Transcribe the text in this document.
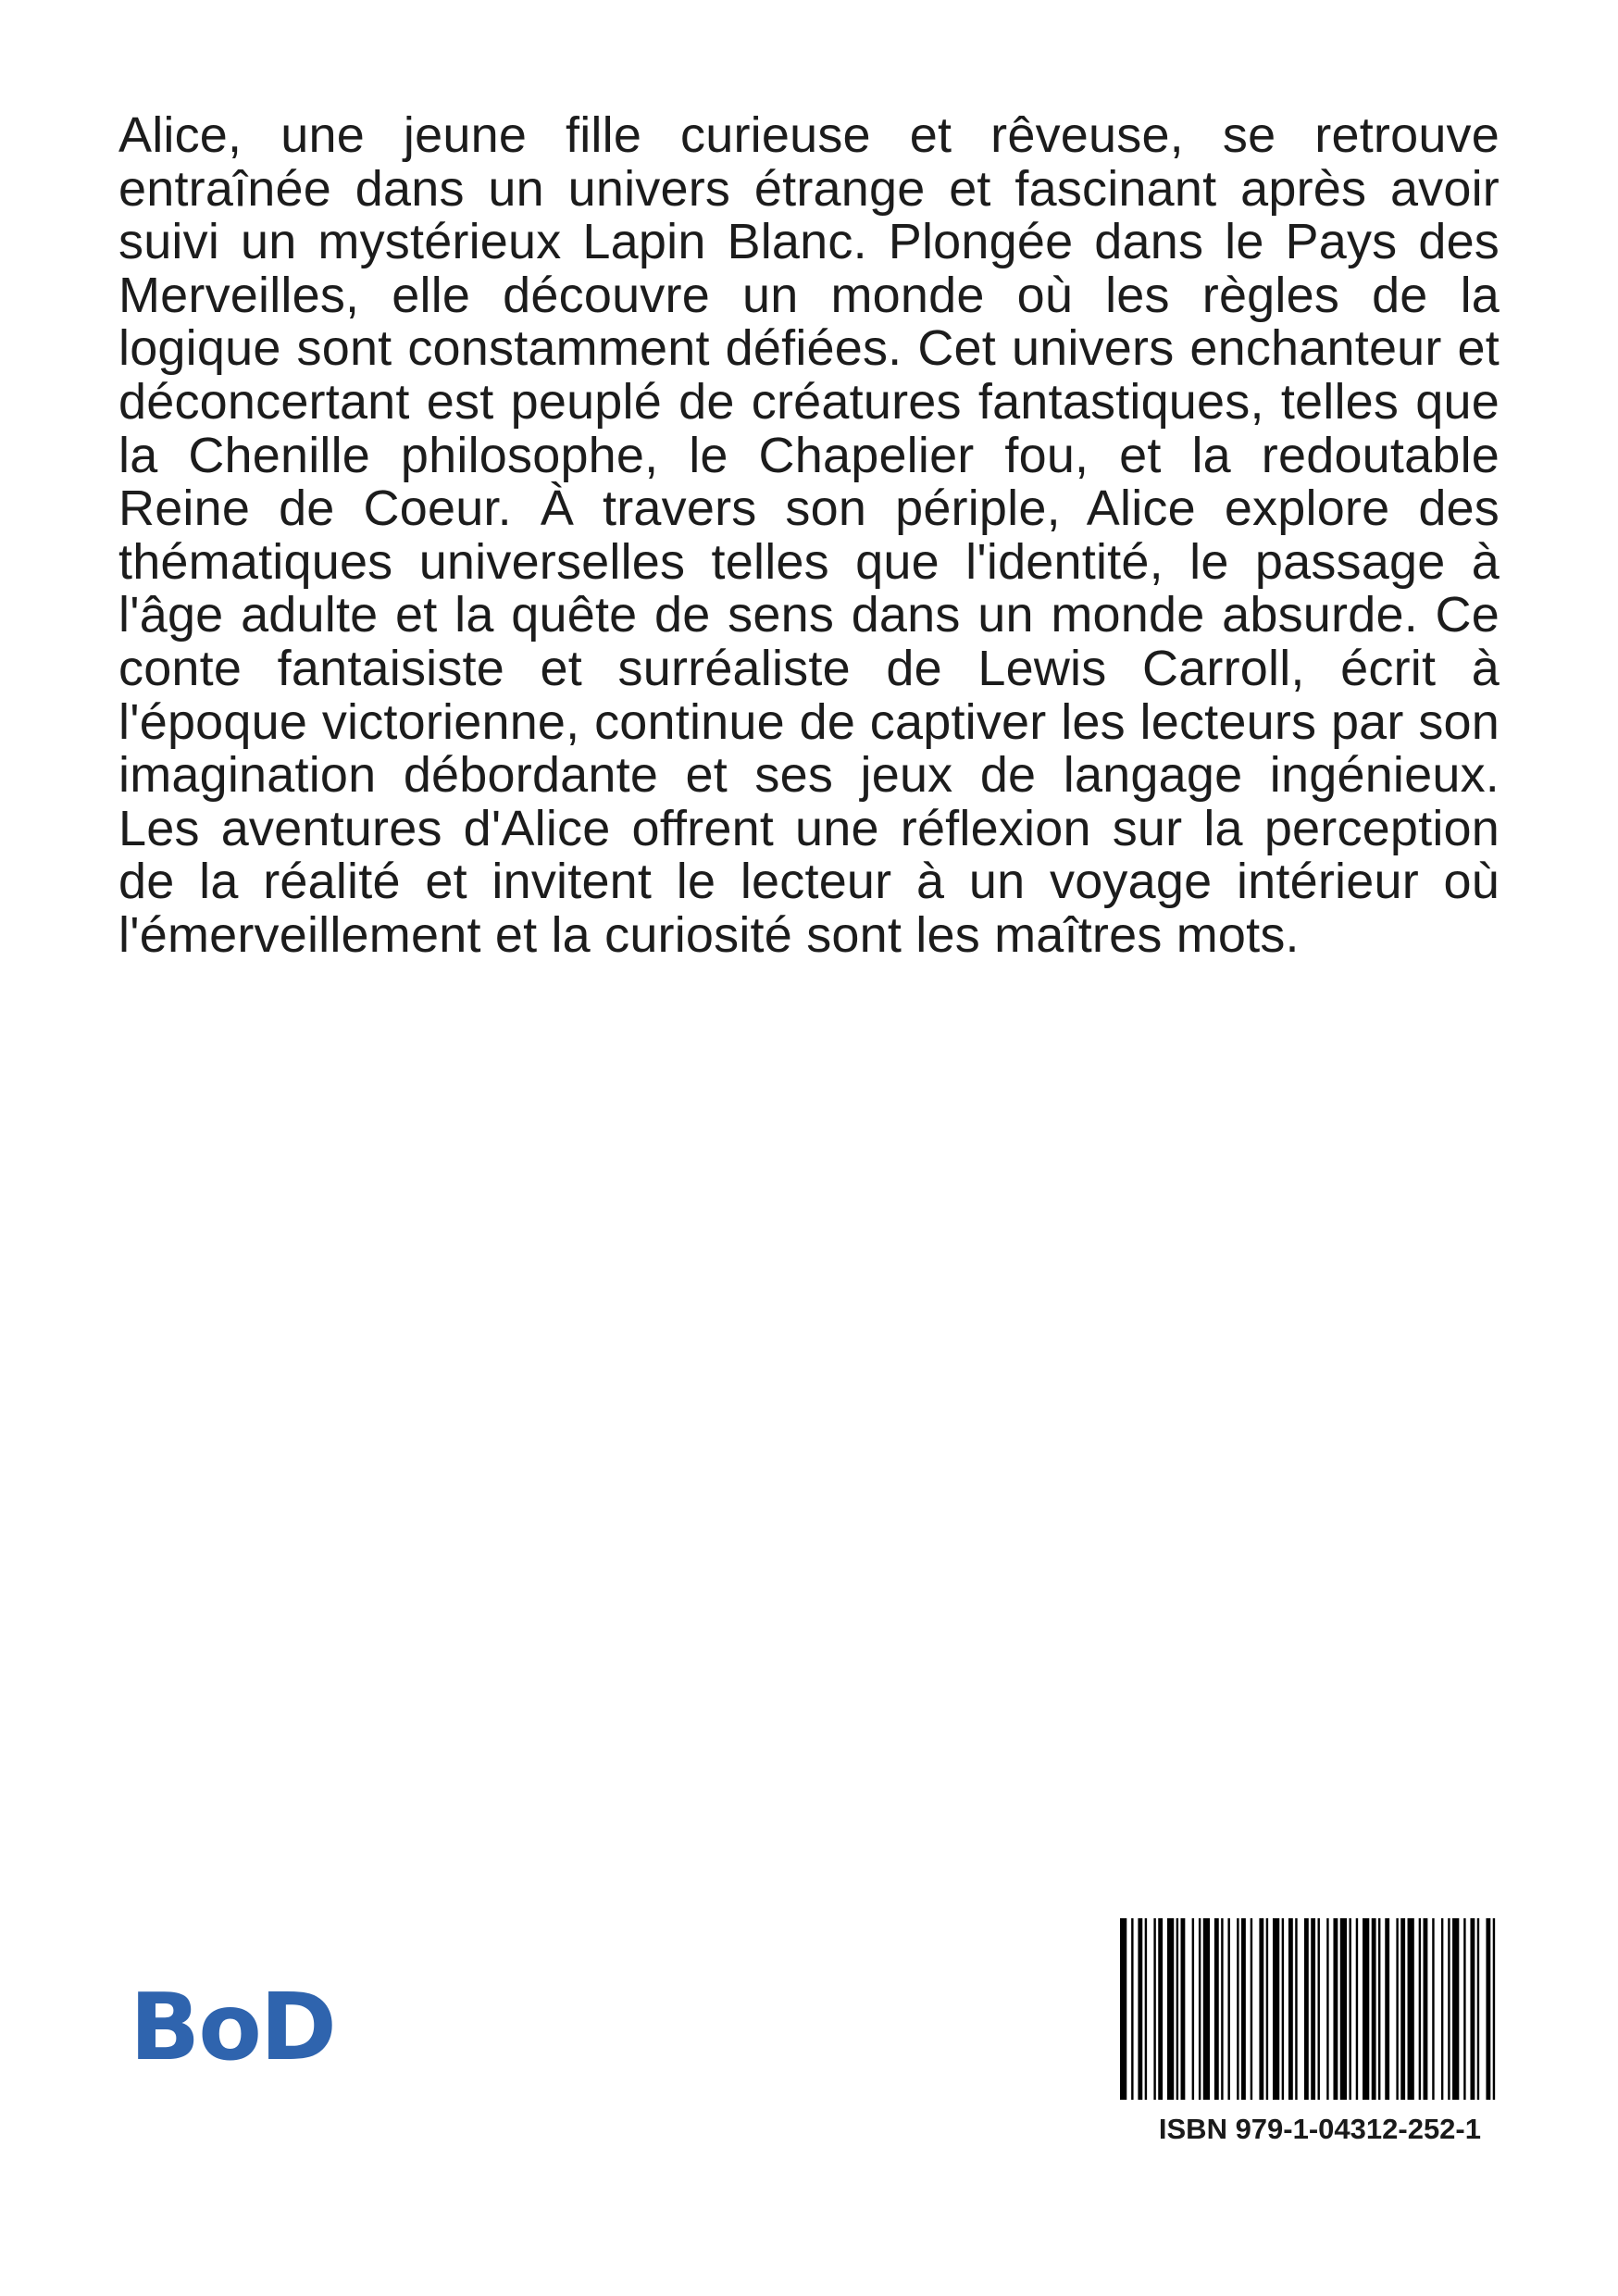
Alice, une jeune fille curieuse et rêveuse, se retrouve entraînée dans un univers étrange et fascinant après avoir suivi un mystérieux Lapin Blanc. Plongée dans le Pays des Merveilles, elle découvre un monde où les règles de la logique sont constamment défiées. Cet univers enchanteur et déconcertant est peuplé de créatures fantastiques, telles que la Chenille philosophe, le Chapelier fou, et la redoutable Reine de Coeur. À travers son périple, Alice explore des thématiques universelles telles que l'identité, le passage à l'âge adulte et la quête de sens dans un monde absurde. Ce conte fantaisiste et surréaliste de Lewis Carroll, écrit à l'époque victorienne, continue de captiver les lecteurs par son imagination débordante et ses jeux de langage ingénieux. Les aventures d'Alice offrent une réflexion sur la perception de la réalité et invitent le lecteur à un voyage intérieur où l'émerveillement et la curiosité sont les maîtres mots.

BoD
ISBN 979-1-04312-252-1
